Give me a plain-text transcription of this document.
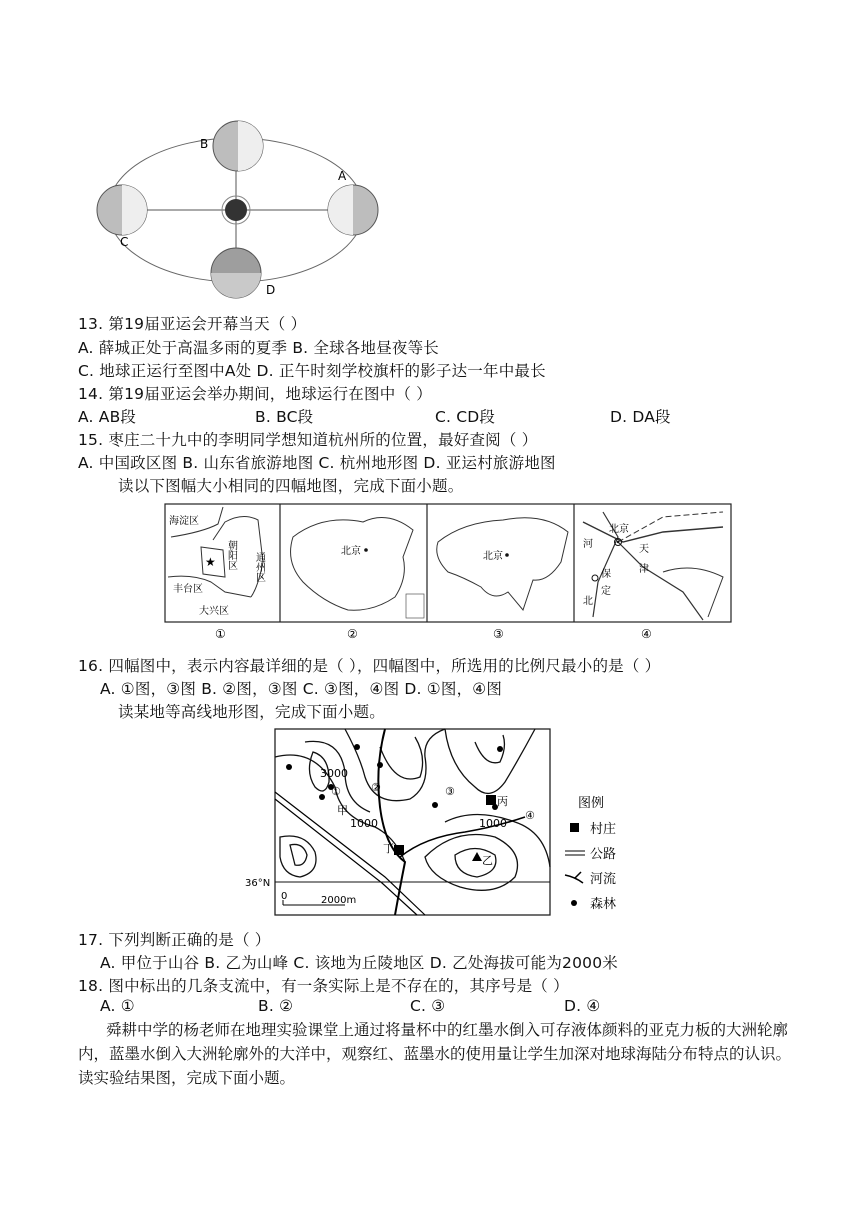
B
A
C
D
13. 第19届亚运会开幕当天（ ）
A. 薛城正处于高温多雨的夏季 B. 全球各地昼夜等长
C. 地球正运行至图中A处 D. 正午时刻学校旗杆的影子达一年中最长
14. 第19届亚运会举办期间，地球运行在图中（ ）
A. AB段	B. BC段	C. CD段	D. DA段
15. 枣庄二十九中的李明同学想知道杭州所的位置，最好查阅（ ）
A. 中国政区图 B. 山东省旅游地图 C. 杭州地形图 D. 亚运村旅游地图
读以下图幅大小相同的四幅地图，完成下面小题。
海淀区
朝阳区 通州区
丰台区
大兴区
★
北京	北京
北京
河	天
津
保
定
北
①	②	③	④
16. 四幅图中，表示内容最详细的是（ ），四幅图中，所选用的比例尺最小的是（ ）
A. ①图，③图 B. ②图，③图 C. ③图，④图 D. ①图，④图
读某地等高线地形图，完成下面小题。
36°N
3000
1000	1000
甲
乙
丙
丁
①	②	③
④
0	2000m
图例
村庄
公路
河流
森林
17. 下列判断正确的是（ ）
A. 甲位于山谷 B. 乙为山峰 C. 该地为丘陵地区 D. 乙处海拔可能为2000米
18. 图中标出的几条支流中，有一条实际上是不存在的，其序号是（ ）
A. ①	B. ②	C. ③	D. ④
舜耕中学的杨老师在地理实验课堂上通过将量杯中的红墨水倒入可存液体颜料的亚克力板的大洲轮廓内，蓝墨水倒入大洲轮廓外的大洋中，观察红、蓝墨水的使用量让学生加深对地球海陆分布特点的认识。读实验结果图，完成下面小题。
